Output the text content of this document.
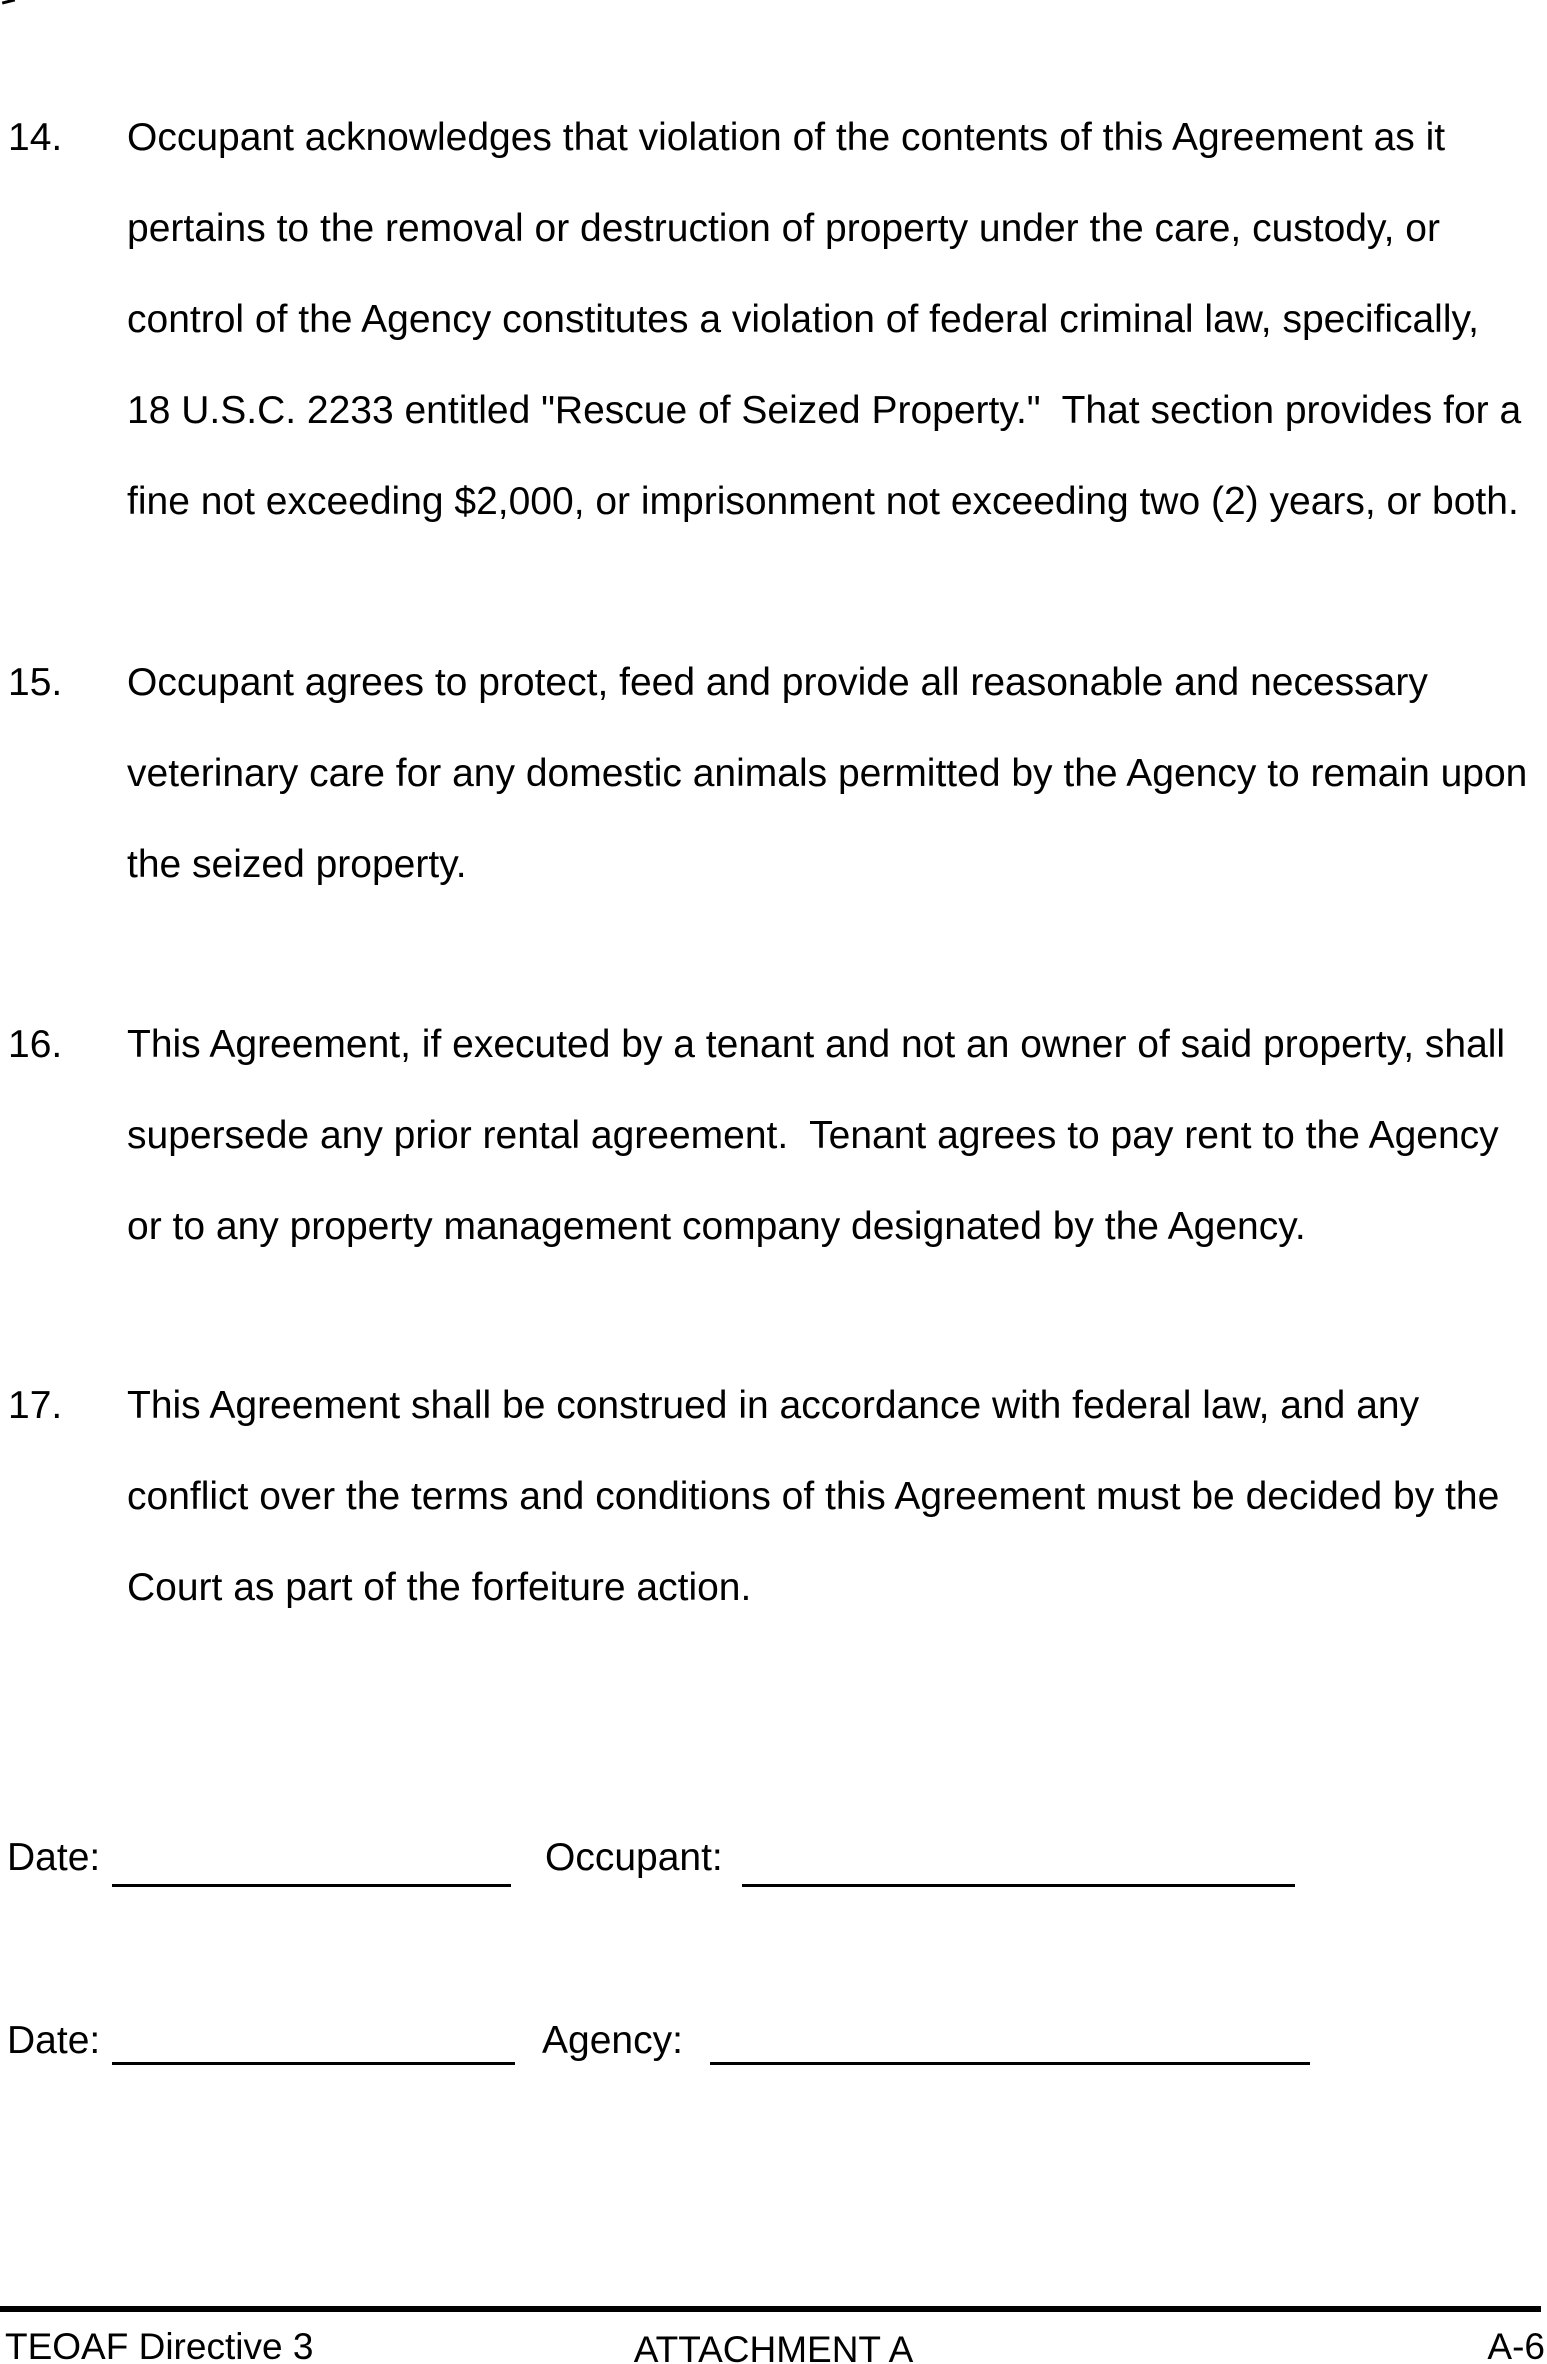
14. Occupant acknowledges that violation of the contents of this Agreement as it
pertains to the removal or destruction of property under the care, custody, or
control of the Agency constitutes a violation of federal criminal law, specifically,
18 U.S.C. 2233 entitled "Rescue of Seized Property."  That section provides for a
fine not exceeding $2,000, or imprisonment not exceeding two (2) years, or both.
15. Occupant agrees to protect, feed and provide all reasonable and necessary
veterinary care for any domestic animals permitted by the Agency to remain upon
the seized property.
16. This Agreement, if executed by a tenant and not an owner of said property, shall
supersede any prior rental agreement.  Tenant agrees to pay rent to the Agency
or to any property management company designated by the Agency.
17. This Agreement shall be construed in accordance with federal law, and any
conflict over the terms and conditions of this Agreement must be decided by the
Court as part of the forfeiture action.
Date:	Occupant:
Date:	Agency:
TEOAF Directive 3	ATTACHMENT A	A-6
